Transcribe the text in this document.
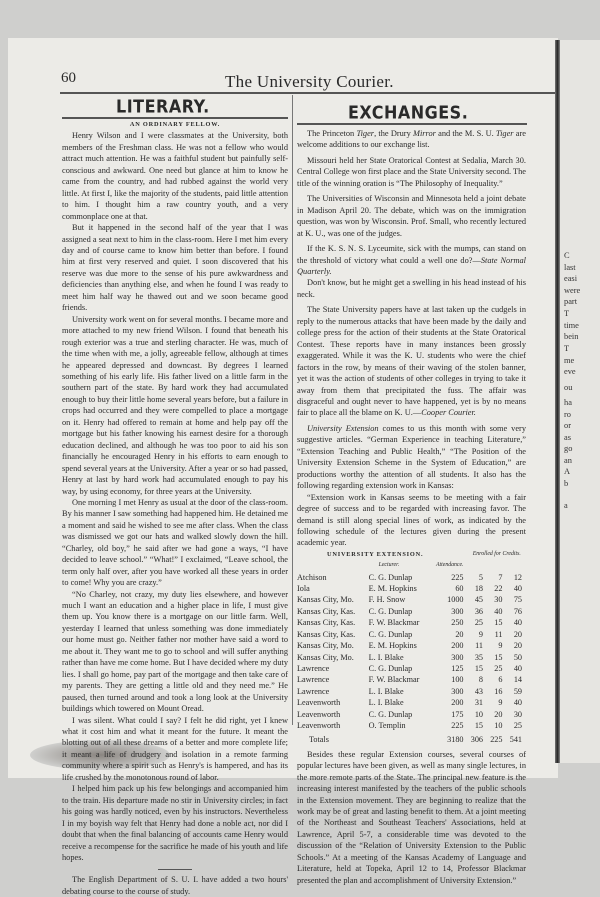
C
last
easi
were
part
T
time
bein
T
me
eve
ou
ha
ro
or
as
go
an
A
b
a
60	The University Courier.
LITERARY.	EXCHANGES.

AN ORDINARY FELLOW.

Henry Wilson and I were classmates at the University, both members of the Freshman class. He was not a fellow who would attract much attention. He was a faithful student but painfully self-conscious and awkward. One need but glance at him to know he came from the country, and had rubbed against the world very little. At first I, like the majority of the students, paid little attention to him. I thought him a raw country youth, and a very commonplace one at that.

But it happened in the second half of the year that I was assigned a seat next to him in the class-room. Here I met him every day and of course came to know him better than before. I found him at first very reserved and quiet. I soon discovered that his reserve was due more to the sense of his pure awkwardness and deficiencies than anything else, and when he found I was ready to meet him half way he thawed out and we soon became good friends.

University work went on for several months. I became more and more attached to my new friend Wilson. I found that beneath his rough exterior was a true and sterling character. He was, much of the time when with me, a jolly, agreeable fellow, although at times he appeared depressed and downcast. By degrees I learned something of his early life. His father lived on a little farm in the southern part of the state. By hard work they had accumulated enough to buy their little home several years before, but a failure in crops had occurred and they were compelled to place a mortgage on it. Henry had offered to remain at home and help pay off the mortgage but his father knowing his earnest desire for a thorough education declined, and although he was too poor to aid his son financially he encouraged Henry in his efforts to earn enough to spend several years at the University. After a year or so had passed, Henry at last by hard work had accumulated enough to pay his way, by using economy, for three years at the University.

One morning I met Henry as usual at the door of the class-room. By his manner I saw something had happened him. He detained me a moment and said he wished to see me after class. When the class was dismissed we got our hats and walked slowly down the hill. “Charley, old boy,” he said after we had gone a ways, “I have decided to leave school.” “What!” I exclaimed, “Leave school, the term only half over, after you have worked all these years in order to come! Why you are crazy.”

“No Charley, not crazy, my duty lies elsewhere, and however much I want an education and a higher place in life, I must give them up. You know there is a mortgage on our little farm. Well, yesterday I learned that unless something was done immediately our home must go. Neither father nor mother have said a word to me about it. They want me to go to school and will suffer anything rather than have me come home. But I have decided where my duty lies. I shall go home, pay part of the mortgage and then take care of my parents. They are getting a little old and they need me.” He paused, then turned around and took a long look at the University buildings which towered on Mount Oread.

I was silent. What could I say? I felt he did right, yet I knew what it cost him and what it meant for the future. It meant the blotting out of all these dreams of a better and more complete life; it meant a life of drudgery and isolation in a remote farming community where a spirit such as Henry's is hampered, and has its life crushed by the monotonous round of labor.

I helped him pack up his few belongings and accompanied him to the train. His departure made no stir in University circles; in fact his going was hardly noticed, even by his instructors. Nevertheless I in my boyish way felt that Henry had done a noble act, nor did I doubt that when the final balancing of accounts came Henry would receive a recompense for the sacrifice he made of his youth and life hopes.

The English Department of S. U. I. have added a two hours' debating course to the course of study.

The Princeton Tiger, the Drury Mirror and the M. S. U. Tiger are welcome additions to our exchange list.

Missouri held her State Oratorical Contest at Sedalia, March 30. Central College won first place and the State University second. The title of the winning oration is “The Philosophy of Inequality.”

The Universities of Wisconsin and Minnesota held a joint debate in Madison April 20. The debate, which was on the immigration question, was won by Wisconsin. Prof. Small, who recently lectured at K. U., was one of the judges.

If the K. S. N. S. Lyceumite, sick with the mumps, can stand on the threshold of victory what could a well one do?—State Normal Quarterly.

Don't know, but he might get a swelling in his head instead of his neck.

The State University papers have at last taken up the cudgels in reply to the numerous attacks that have been made by the daily and college press for the action of their students at the State Oratorical Contest. These reports have in many instances been grossly exaggerated. While it was the K. U. students who were the chief factors in the row, by means of their waving of the stolen banner, yet it was the action of students of other colleges in trying to take it away from them that precipitated the fuss. The affair was disgraceful and ought never to have happened, yet is by no means fair to place all the blame on K. U.—Cooper Courier.

University Extension comes to us this month with some very suggestive articles. “German Experience in teaching Literature,” “Extension Teaching and Public Health,” “The Position of the University Extension Scheme in the System of Education,” are productions worthy the attention of all students. It also has the following regarding extension work in Kansas:

“Extension work in Kansas seems to be meeting with a fair degree of success and to be regarded with increasing favor. The demand is still along special lines of work, as indicated by the following schedule of the lectures given during the present academic year.

UNIVERSITY EXTENSION.			Enrolled for Credits.		
	Lecturer.	Attendance.			
Atchison	C. G. Dunlap	225	5	7	12
Iola	E. M. Hopkins	60	18	22	40
Kansas City, Mo.	F. H. Snow	1000	45	30	75
Kansas City, Kas.	C. G. Dunlap	300	36	40	76
Kansas City, Kas.	F. W. Blackmar	250	25	15	40
Kansas City, Kas.	C. G. Dunlap	20	9	11	20
Kansas City, Mo.	E. M. Hopkins	200	11	9	20
Kansas City, Mo.	L. I. Blake	300	35	15	50
Lawrence	C. G. Dunlap	125	15	25	40
Lawrence	F. W. Blackmar	100	8	6	14
Lawrence	L. I. Blake	300	43	16	59
Leavenworth	L. I. Blake	200	31	9	40
Leavenworth	C. G. Dunlap	175	10	20	30
Leavenworth	O. Templin	225	15	10	25
Totals		3180	306	225	541

Besides these regular Extension courses, several courses of popular lectures have been given, as well as many single lectures, in the more remote parts of the State. The principal new feature is the increasing interest manifested by the teachers of the public schools in the Extension movement. They are beginning to realize that the work may be of great and lasting benefit to them. At a joint meeting of the Northeast and Southeast Teachers' Associations, held at Lawrence, April 5-7, a considerable time was devoted to the discussion of the “Relation of University Extension to the Public Schools.” At a meeting of the Kansas Academy of Language and Literature, held at Topeka, April 12 to 14, Professor Blackmar presented the plan and accomplishment of University Extension.”
